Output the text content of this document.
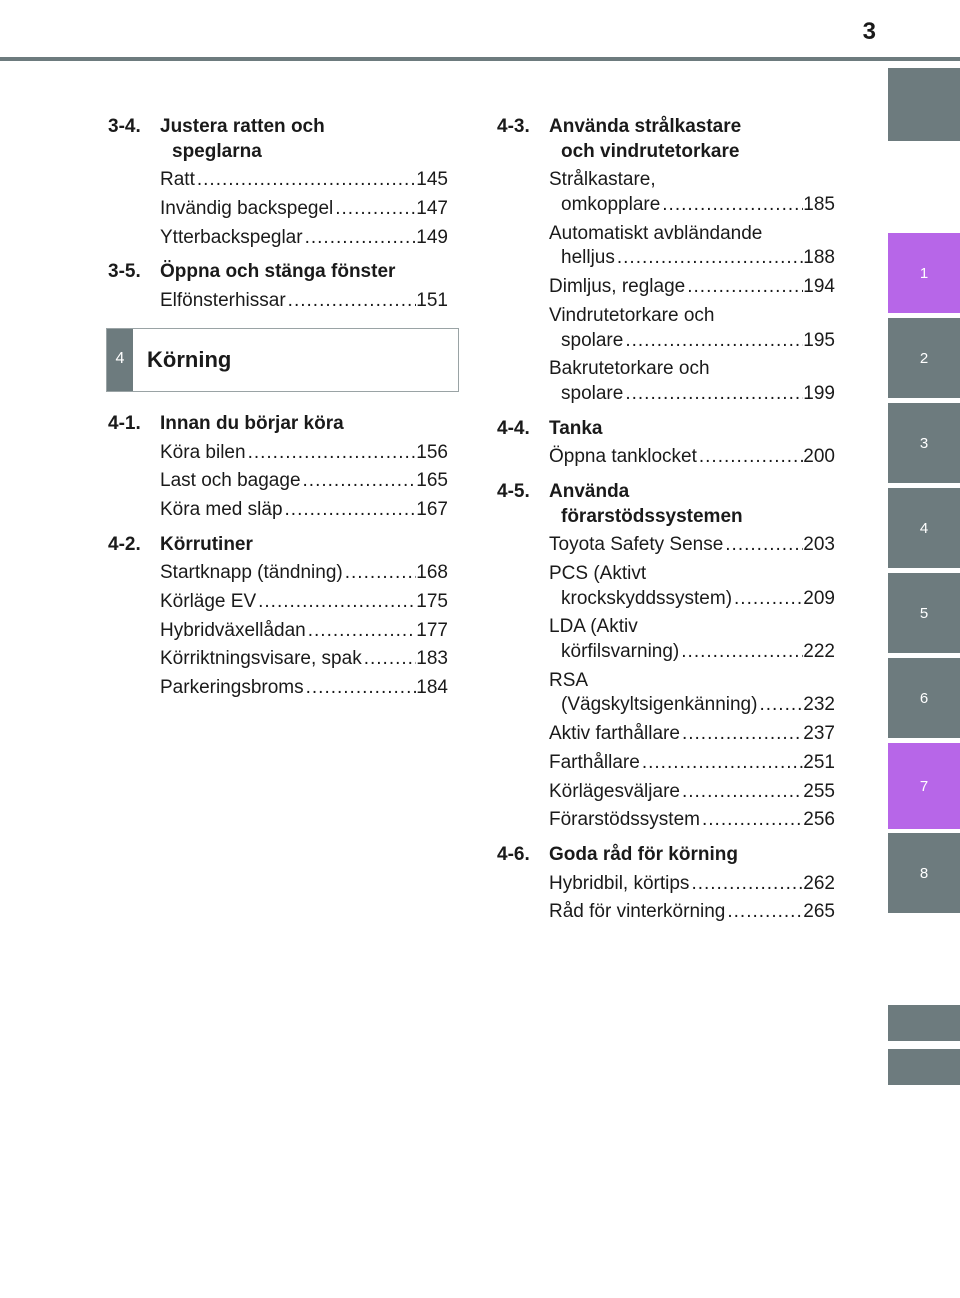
3
1
2
3
4
5
6
7
8
3-4.	Justera ratten och
speglarna
Ratt .....	145
Invändig backspegel .....	147
Ytterbackspeglar .....	149
3-5.	Öppna och stänga fönster
Elfönsterhissar .....	151
4	Körning
4-1.	Innan du börjar köra
Köra bilen .....	156
Last och bagage .....	165
Köra med släp .....	167
4-2.	Körrutiner
Startknapp (tändning) .....	168
Körläge EV .....	175
Hybridväxellådan .....	177
Körriktningsvisare, spak .....	183
Parkeringsbroms .....	184
4-3.	Använda strålkastare
och vindrutetorkare
Strålkastare,
omkopplare .....	185
Automatiskt avbländande
helljus .....	188
Dimljus, reglage .....	194
Vindrutetorkare och
spolare .....	195
Bakrutetorkare och
spolare .....	199
4-4.	Tanka
Öppna tanklocket .....	200
4-5.	Använda
förarstödssystemen
Toyota Safety Sense .....	203
PCS (Aktivt
krockskyddssystem) .....	209
LDA (Aktiv
körfilsvarning) .....	222
RSA
(Vägskyltsigenkänning) ..... 232
Aktiv farthållare .....	237
Farthållare .....	251
Körlägesväljare .....	255
Förarstödssystem .....	256
4-6.	Goda råd för körning
Hybridbil, körtips .....	262
Råd för vinterkörning .....	265
